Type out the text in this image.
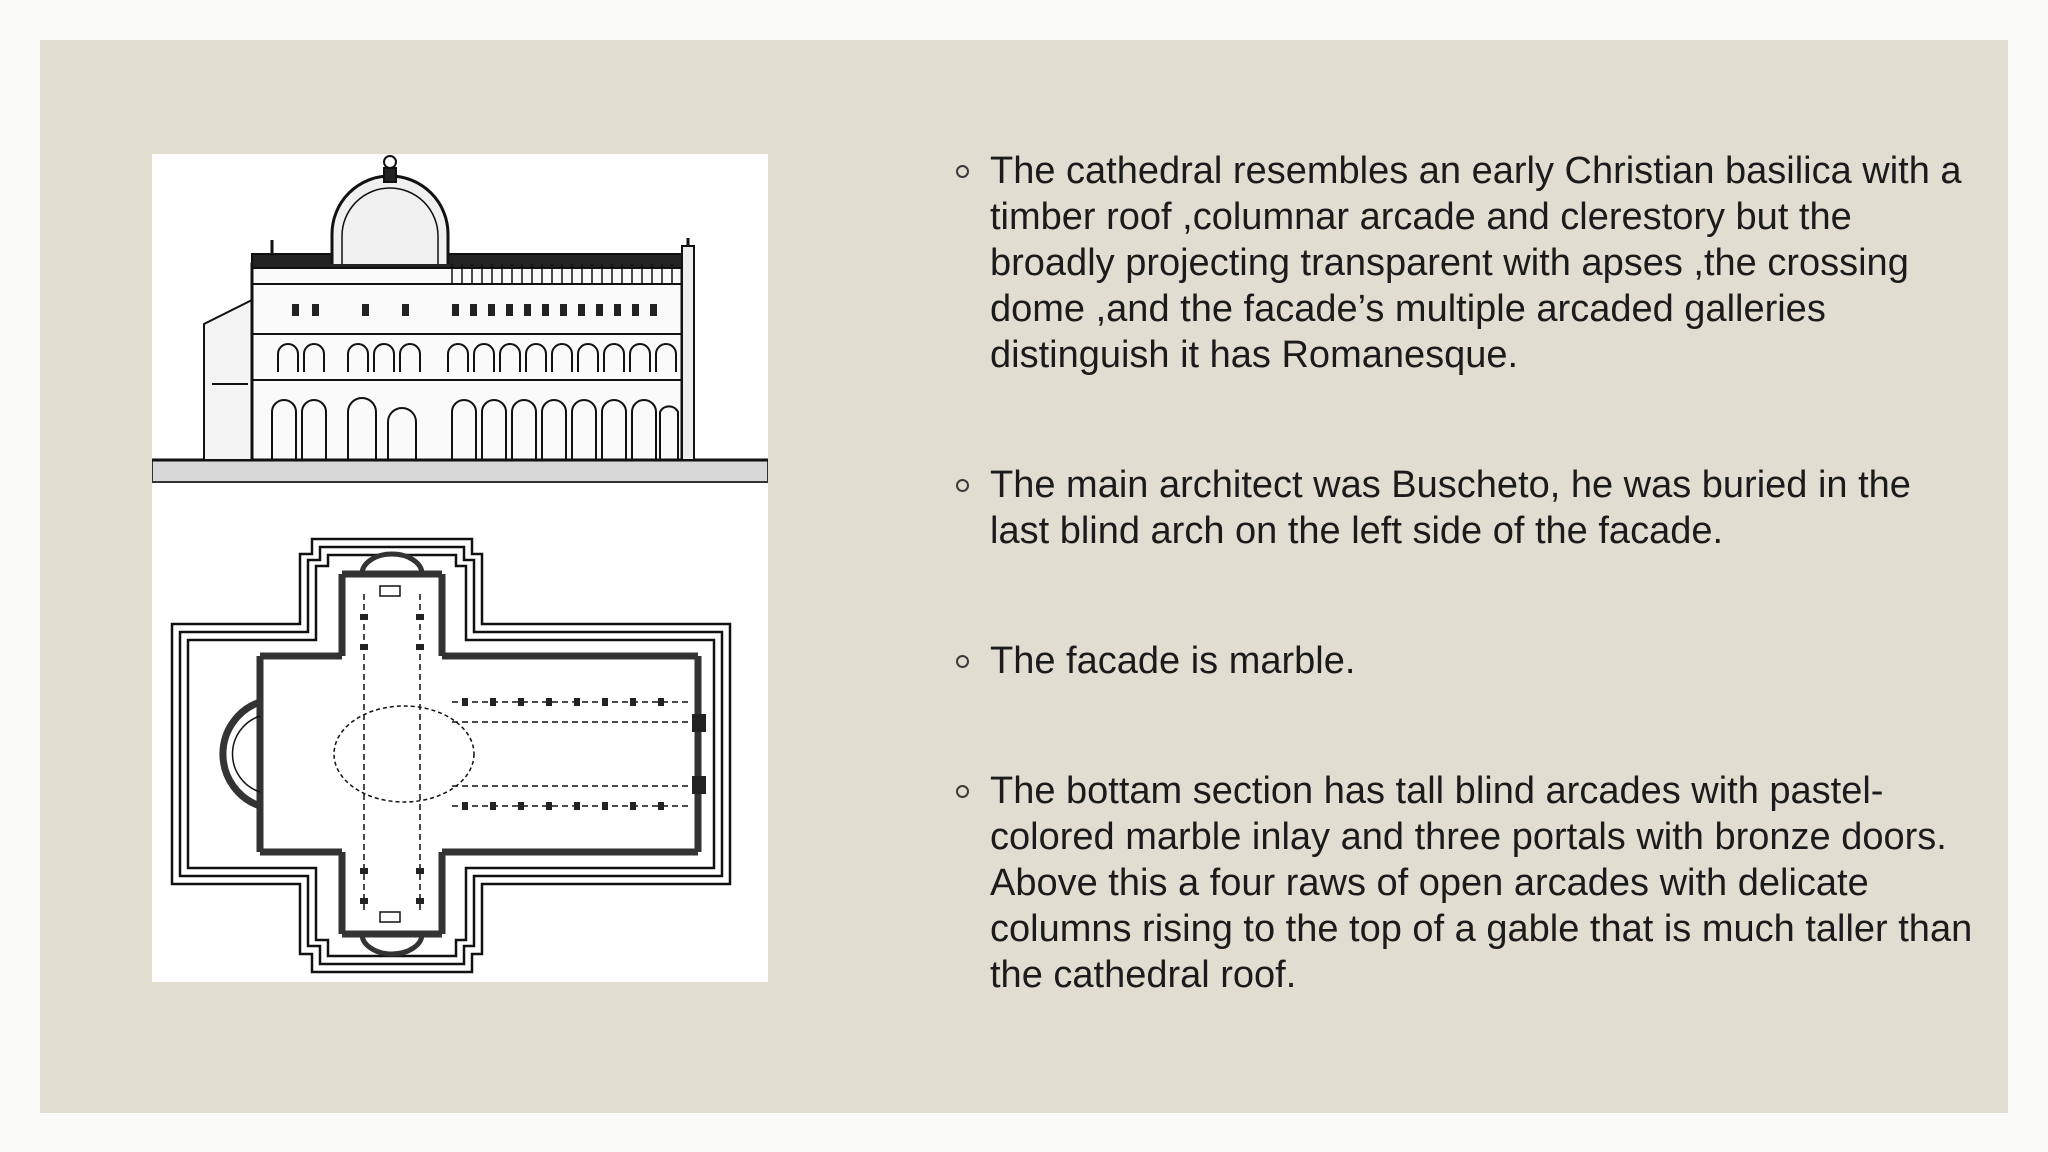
The cathedral resembles an early Christian basilica with a timber roof ,columnar arcade and clerestory but the broadly projecting transparent with apses ,the crossing dome ,and the facade’s multiple arcaded galleries distinguish it has Romanesque.
The main architect was Buscheto, he was buried in the last blind arch on the left side of the facade.
The facade is marble.
The bottam section has tall blind arcades with pastel-colored marble inlay and three portals with bronze doors. Above this a four raws of open arcades with delicate columns rising to the top of a gable that is much taller than the cathedral roof.
